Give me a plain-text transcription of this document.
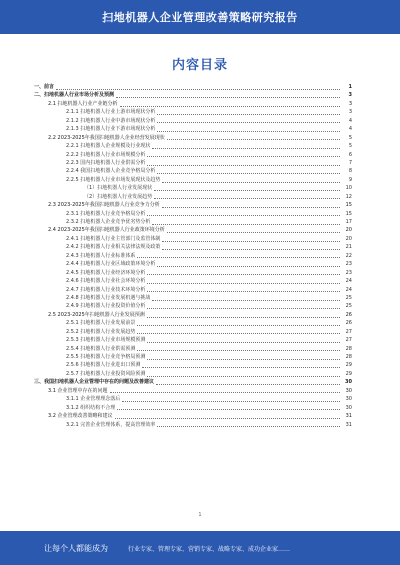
扫地机器人企业管理改善策略研究报告
内容目录
一、前言	1
二、扫地机器人行业市场分析及预测	3
2.1 扫地机器人行业产业链分析	3
2.1.1 扫地机器人行业上游市场现状分析	3
2.1.2 扫地机器人行业中游市场现状分析	4
2.1.3 扫地机器人行业下游市场现状分析	4
2.2 2023-2025年我国扫地机器人企业经营发展现状	5
2.2.1 扫地机器人企业规模及行业现状	5
2.2.2 扫地机器人行业市场规模分析	6
2.2.3 国内扫地机器人行业供需分析	7
2.2.4 我国扫地机器人企业竞争格局分析	8
2.2.5 扫地机器人行业市场发展现状及趋势	9
（1）扫地机器人行业发展现状	10
（2）扫地机器人行业发展趋势	12
2.3 2023-2025年我国扫地机器人行业竞争力分析	15
2.3.1 扫地机器人行业竞争格局分析	15
2.3.2 扫地机器人企业竞争优劣势分析	17
2.4 2023-2025年我国扫地机器人行业政策环境分析	20
2.4.1 扫地机器人行业主管部门及监管体制	20
2.4.2 扫地机器人行业相关法律法规及政策	21
2.4.3 扫地机器人行业标准体系	22
2.4.4 扫地机器人行业区域政策环境分析	23
2.4.5 扫地机器人行业经济环境分析	23
2.4.6 扫地机器人行业社会环境分析	24
2.4.7 扫地机器人行业技术环境分析	24
2.4.8 扫地机器人行业发展机遇与挑战	25
2.4.9 扫地机器人行业投资价值分析	25
2.5 2023-2025年扫地机器人行业发展预测	26
2.5.1 扫地机器人行业发展前景	26
2.5.2 扫地机器人行业发展趋势	27
2.5.3 扫地机器人行业市场规模预测	27
2.5.4 扫地机器人行业供需预测	28
2.5.5 扫地机器人行业竞争格局预测	28
2.5.6 扫地机器人行业进出口预测	29
2.5.7 扫地机器人行业投资风险预测	29
三、我国扫地机器人企业管理中存在的问题及改善建议	30
3.1 企业管理中存在的问题	30
3.1.1 企业管理理念落后	30
3.1.2 组织结构不合理	30
3.2 企业管理改善策略和建议	31
3.2.1 完善企业管理体系，提高管理效率	31
1
让每个人都能成为	行业专家、管理专家、营销专家、战略专家、成功企业家……
